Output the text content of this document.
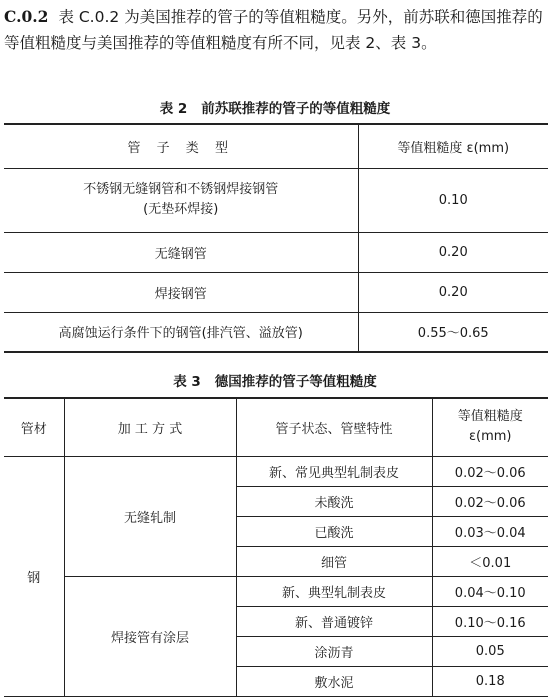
C.0.2 表 C.0.2 为美国推荐的管子的等值粗糙度。另外，前苏联和德国推荐的等值粗糙度与美国推荐的等值粗糙度有所不同，见表 2、表 3。
表 2 前苏联推荐的管子的等值粗糙度
管 子 类 型	等值粗糙度 ε(mm)

不锈钢无缝钢管和不锈钢焊接钢管
(无垫环焊接)	0.10
无缝钢管	0.20
焊接钢管	0.20
高腐蚀运行条件下的钢管(排汽管、溢放管)	0.55～0.65
表 3 德国推荐的管子等值粗糙度
管材	加 工 方 式	管子状态、管壁特性	等值粗糙度
ε(mm)

钢	无缝轧制	新、常见典型轧制表皮	0.02～0.06
		未酸洗	0.02～0.06
		已酸洗	0.03～0.04
		细管	＜0.01
	焊接管有涂层	新、典型轧制表皮	0.04～0.10
		新、普通镀锌	0.10～0.16
		涂沥青	0.05
		敷水泥	0.18
